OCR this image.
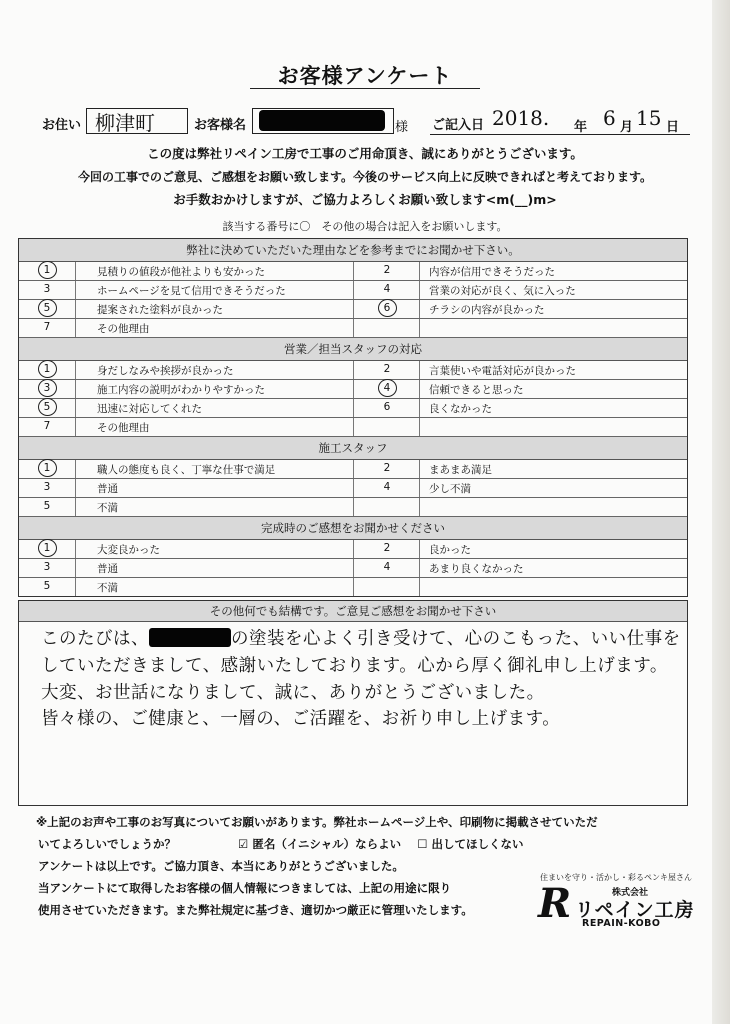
お客様アンケート
お住い 柳津町	お客様名	様 ご記入日 2018. 年 6 月 15 日
この度は弊社リペイン工房で工事のご用命頂き、誠にありがとうございます。
今回の工事でのご意見、ご感想をお願い致します。今後のサービス向上に反映できればと考えております。
お手数おかけしますが、ご協力よろしくお願い致します<m(__)m>
該当する番号に〇　その他の場合は記入をお願いします。
弊社に決めていただいた理由などを参考までにお聞かせ下さい。
1	見積りの値段が他社よりも安かった	2	内容が信用できそうだった
3	ホームページを見て信用できそうだった	4	営業の対応が良く、気に入った
5	提案された塗料が良かった	6	チラシの内容が良かった
7	その他理由
営業／担当スタッフの対応
1	身だしなみや挨拶が良かった	2	言葉使いや電話対応が良かった
3	施工内容の説明がわかりやすかった	4	信頼できると思った
5	迅速に対応してくれた	6	良くなかった
7	その他理由
施工スタッフ
1	職人の態度も良く、丁寧な仕事で満足	2	まあまあ満足
3	普通	4	少し不満
5	不満
完成時のご感想をお聞かせください
1	大変良かった	2	良かった
3	普通	4	あまり良くなかった
5	不満
その他何でも結構です。ご意見ご感想をお聞かせ下さい
このたびは、	の塗装を心よく引き受けて、心のこもった、いい仕事を
していただきまして、感謝いたしております。心から厚く御礼申し上げます。
大変、お世話になりまして、誠に、ありがとうございました。
皆々様の、ご健康と、一層の、ご活躍を、お祈り申し上げます。
※上記のお声や工事のお写真についてお願いがあります。弊社ホームページ上や、印刷物に掲載させていただ
いてよろしいでしょうか？	☑ 匿名（イニシャル）ならよい ☐ 出してほしくない
アンケートは以上です。ご協力頂き、本当にありがとうございました。
当アンケートにて取得したお客様の個人情報につきましては、上記の用途に限り
使用させていただきます。また弊社規定に基づき、適切かつ厳正に管理いたします。
住まいを守り・活かし・彩るペンキ屋さん
R	株式会社
リペイン工房
REPAIN-KOBO
